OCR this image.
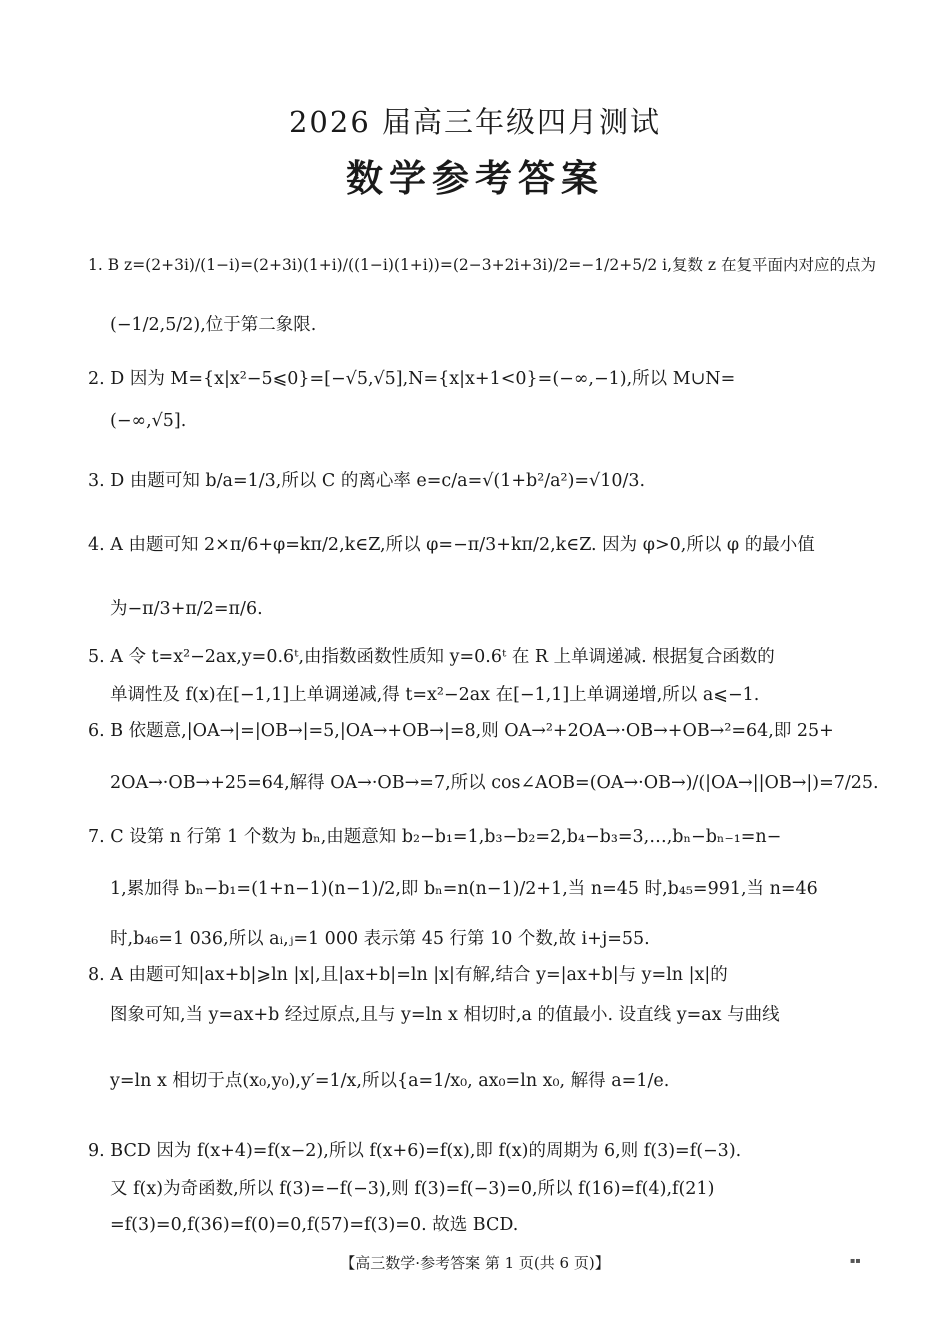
2026 届高三年级四月测试
数学参考答案
1. B z=(2+3i)/(1−i)=(2+3i)(1+i)/((1−i)(1+i))=(2−3+2i+3i)/2=−1/2+5/2 i,复数 z 在复平面内对应的点为
(−1/2,5/2),位于第二象限.
2. D 因为 M={x|x²−5⩽0}=[−√5,√5],N={x|x+1<0}=(−∞,−1),所以 M∪N=
(−∞,√5].
3. D 由题可知 b/a=1/3,所以 C 的离心率 e=c/a=√(1+b²/a²)=√10/3.
4. A 由题可知 2×π/6+φ=kπ/2,k∈Z,所以 φ=−π/3+kπ/2,k∈Z. 因为 φ>0,所以 φ 的最小值
为−π/3+π/2=π/6.
5. A 令 t=x²−2ax,y=0.6ᵗ,由指数函数性质知 y=0.6ᵗ 在 R 上单调递减. 根据复合函数的
单调性及 f(x)在[−1,1]上单调递减,得 t=x²−2ax 在[−1,1]上单调递增,所以 a⩽−1.
6. B 依题意,|OA→|=|OB→|=5,|OA→+OB→|=8,则 OA→²+2OA→·OB→+OB→²=64,即 25+
2OA→·OB→+25=64,解得 OA→·OB→=7,所以 cos∠AOB=(OA→·OB→)/(|OA→||OB→|)=7/25.
7. C 设第 n 行第 1 个数为 bₙ,由题意知 b₂−b₁=1,b₃−b₂=2,b₄−b₃=3,…,bₙ−bₙ₋₁=n−
1,累加得 bₙ−b₁=(1+n−1)(n−1)/2,即 bₙ=n(n−1)/2+1,当 n=45 时,b₄₅=991,当 n=46
时,b₄₆=1 036,所以 aᵢ,ⱼ=1 000 表示第 45 行第 10 个数,故 i+j=55.
8. A 由题可知|ax+b|⩾ln |x|,且|ax+b|=ln |x|有解,结合 y=|ax+b|与 y=ln |x|的
图象可知,当 y=ax+b 经过原点,且与 y=ln x 相切时,a 的值最小. 设直线 y=ax 与曲线
y=ln x 相切于点(x₀,y₀),y′=1/x,所以{a=1/x₀, ax₀=ln x₀, 解得 a=1/e.
9. BCD 因为 f(x+4)=f(x−2),所以 f(x+6)=f(x),即 f(x)的周期为 6,则 f(3)=f(−3).
又 f(x)为奇函数,所以 f(3)=−f(−3),则 f(3)=f(−3)=0,所以 f(16)=f(4),f(21)
=f(3)=0,f(36)=f(0)=0,f(57)=f(3)=0. 故选 BCD.
【高三数学·参考答案 第 1 页(共 6 页)】	▪▪
